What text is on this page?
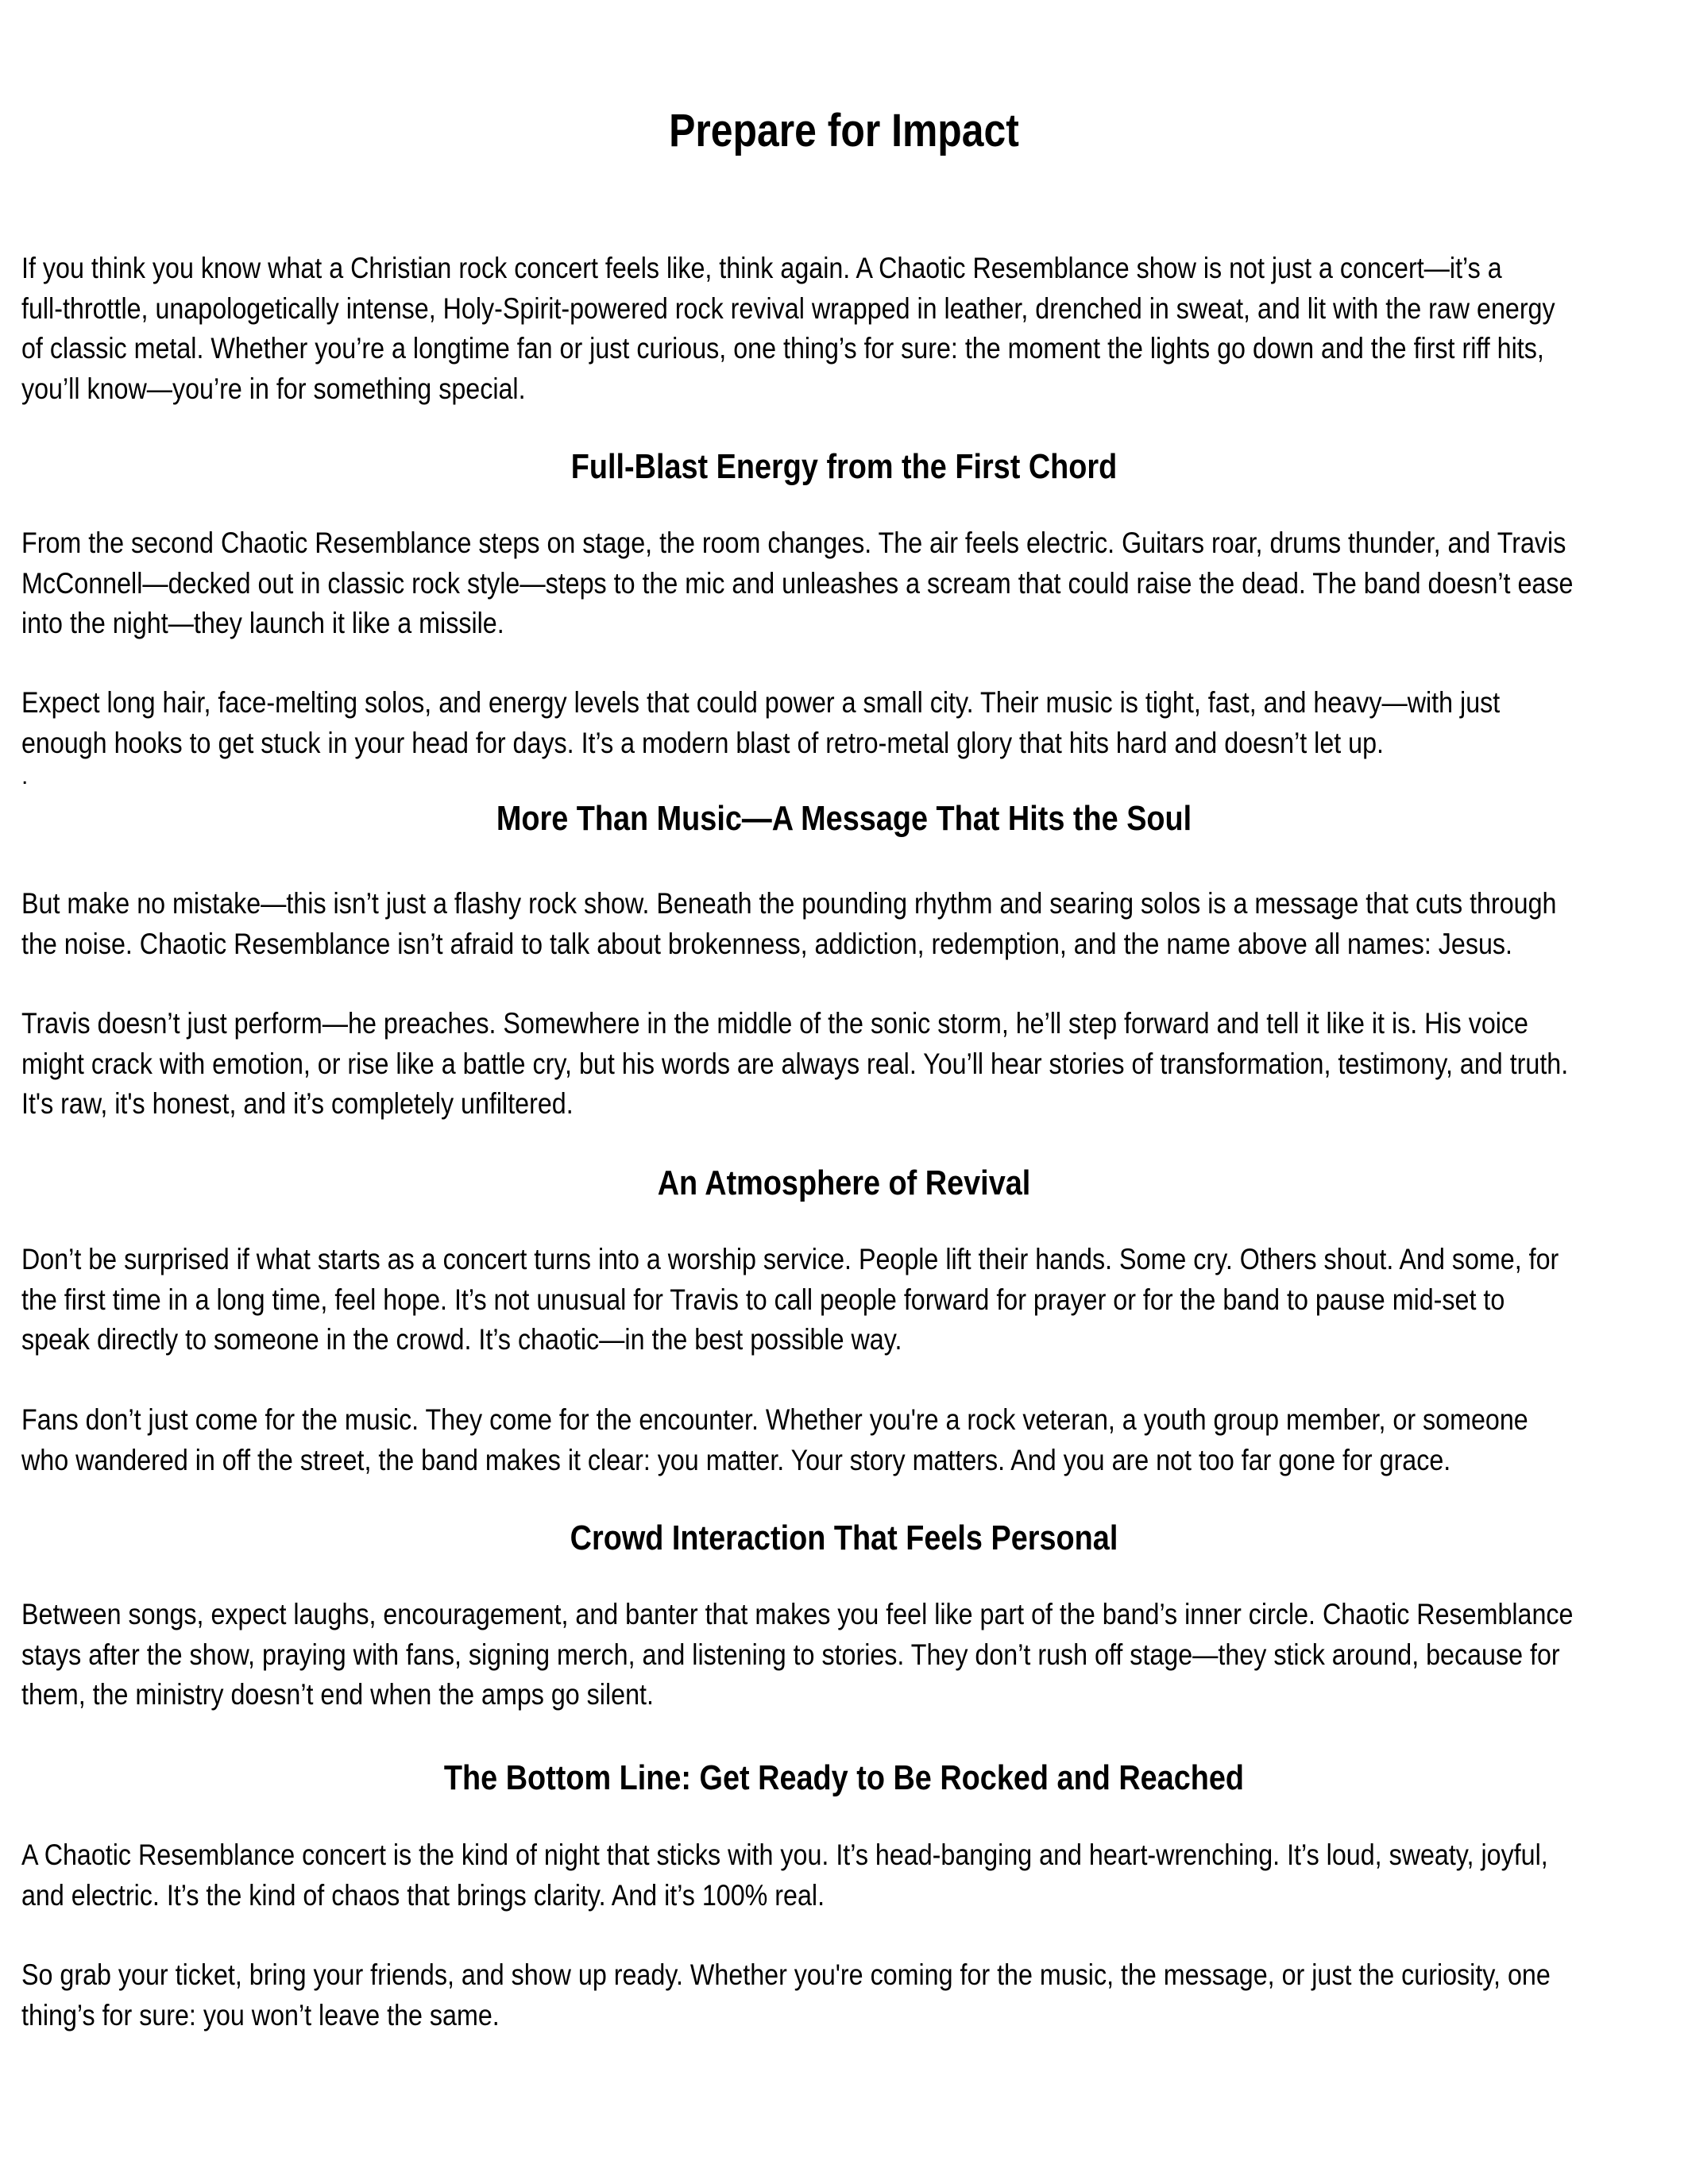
Prepare for Impact
If you think you know what a Christian rock concert feels like, think again. A Chaotic Resemblance show is not just a concert—it’s a
full-throttle, unapologetically intense, Holy-Spirit-powered rock revival wrapped in leather, drenched in sweat, and lit with the raw energy
of classic metal. Whether you’re a longtime fan or just curious, one thing’s for sure: the moment the lights go down and the first riff hits,
you’ll know—you’re in for something special.
Full-Blast Energy from the First Chord
From the second Chaotic Resemblance steps on stage, the room changes. The air feels electric. Guitars roar, drums thunder, and Travis
McConnell—decked out in classic rock style—steps to the mic and unleashes a scream that could raise the dead. The band doesn’t ease
into the night—they launch it like a missile.
Expect long hair, face-melting solos, and energy levels that could power a small city. Their music is tight, fast, and heavy—with just
enough hooks to get stuck in your head for days. It’s a modern blast of retro-metal glory that hits hard and doesn’t let up.
.
More Than Music—A Message That Hits the Soul
But make no mistake—this isn’t just a flashy rock show. Beneath the pounding rhythm and searing solos is a message that cuts through
the noise. Chaotic Resemblance isn’t afraid to talk about brokenness, addiction, redemption, and the name above all names: Jesus.
Travis doesn’t just perform—he preaches. Somewhere in the middle of the sonic storm, he’ll step forward and tell it like it is. His voice
might crack with emotion, or rise like a battle cry, but his words are always real. You’ll hear stories of transformation, testimony, and truth.
It's raw, it's honest, and it’s completely unfiltered.
An Atmosphere of Revival
Don’t be surprised if what starts as a concert turns into a worship service. People lift their hands. Some cry. Others shout. And some, for
the first time in a long time, feel hope. It’s not unusual for Travis to call people forward for prayer or for the band to pause mid-set to
speak directly to someone in the crowd. It’s chaotic—in the best possible way.
Fans don’t just come for the music. They come for the encounter. Whether you're a rock veteran, a youth group member, or someone
who wandered in off the street, the band makes it clear: you matter. Your story matters. And you are not too far gone for grace.
Crowd Interaction That Feels Personal
Between songs, expect laughs, encouragement, and banter that makes you feel like part of the band’s inner circle. Chaotic Resemblance
stays after the show, praying with fans, signing merch, and listening to stories. They don’t rush off stage—they stick around, because for
them, the ministry doesn’t end when the amps go silent.
The Bottom Line: Get Ready to Be Rocked and Reached
A Chaotic Resemblance concert is the kind of night that sticks with you. It’s head-banging and heart-wrenching. It’s loud, sweaty, joyful,
and electric. It’s the kind of chaos that brings clarity. And it’s 100% real.
So grab your ticket, bring your friends, and show up ready. Whether you're coming for the music, the message, or just the curiosity, one
thing’s for sure: you won’t leave the same.
